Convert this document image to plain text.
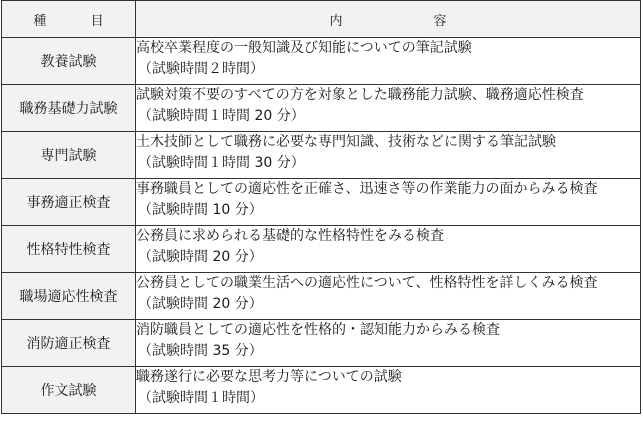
種　目	内　容
教養試験	高校卒業程度の一般知識及び知能についての筆記試験
（試験時間２時間）

職務基礎力試験	試験対策不要のすべての方を対象とした職務能力試験、職務適応性検査
（試験時間１時間 20 分）

専門試験	土木技師として職務に必要な専門知識、技術などに関する筆記試験
（試験時間１時間 30 分）

事務適正検査	事務職員としての適応性を正確さ、迅速さ等の作業能力の面からみる検査
（試験時間 10 分）

性格特性検査	公務員に求められる基礎的な性格特性をみる検査
（試験時間 20 分）

職場適応性検査	公務員としての職業生活への適応性について、性格特性を詳しくみる検査
（試験時間 20 分）

消防適正検査	消防職員としての適応性を性格的・認知能力からみる検査
（試験時間 35 分）

作文試験	職務遂行に必要な思考力等についての試験
（試験時間１時間）
